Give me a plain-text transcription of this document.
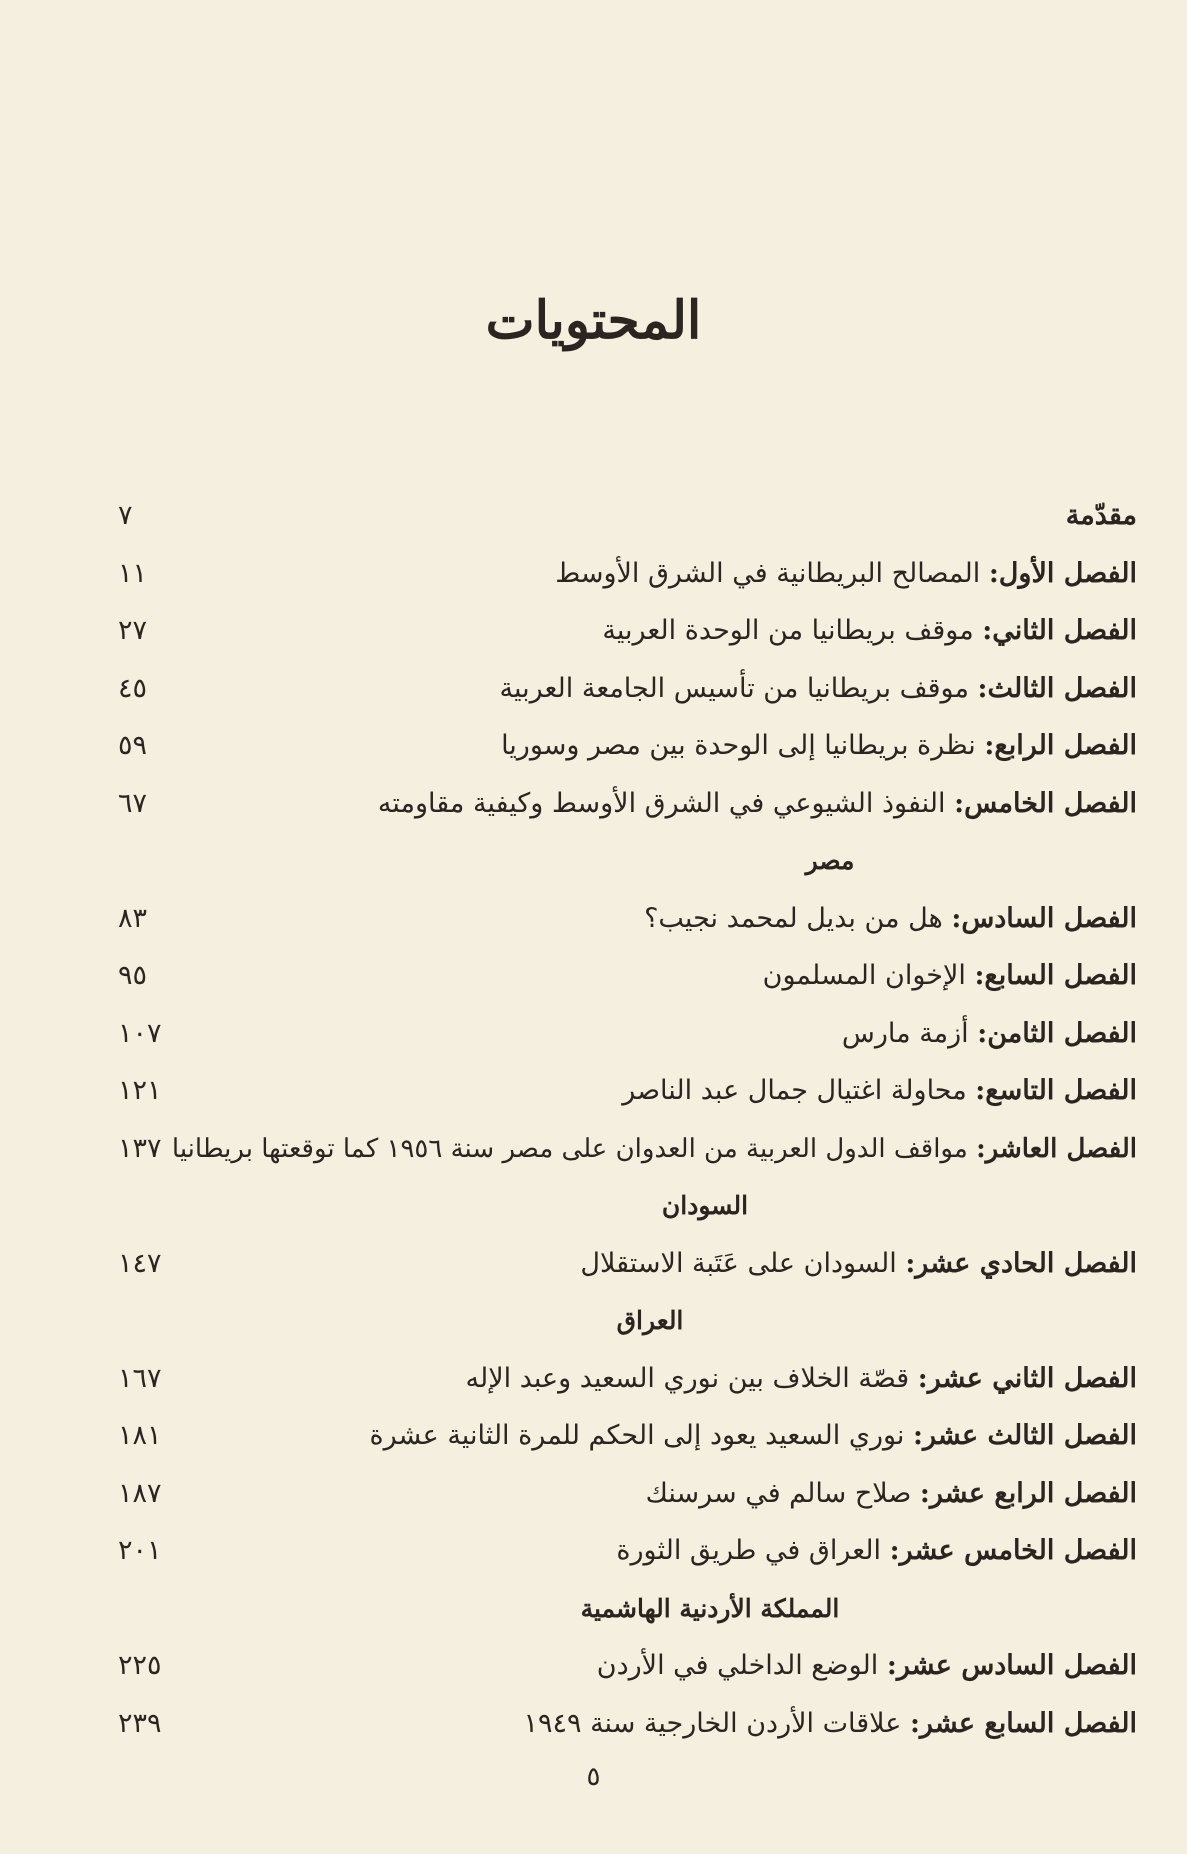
المحتويات
مقدّمة
٧
الفصل الأول: المصالح البريطانية في الشرق الأوسط
١١
الفصل الثاني: موقف بريطانيا من الوحدة العربية
٢٧
الفصل الثالث: موقف بريطانيا من تأسيس الجامعة العربية
٤٥
الفصل الرابع: نظرة بريطانيا إلى الوحدة بين مصر وسوريا
٥٩
الفصل الخامس: النفوذ الشيوعي في الشرق الأوسط وكيفية مقاومته
٦٧
مصر
الفصل السادس: هل من بديل لمحمد نجيب؟
٨٣
الفصل السابع: الإخوان المسلمون
٩٥
الفصل الثامن: أزمة مارس
١٠٧
الفصل التاسع: محاولة اغتيال جمال عبد الناصر
١٢١
الفصل العاشر: مواقف الدول العربية من العدوان على مصر سنة ١٩٥٦ كما توقعتها بريطانيا
١٣٧
السودان
الفصل الحادي عشر: السودان على عَتَبة الاستقلال
١٤٧
العراق
الفصل الثاني عشر: قصّة الخلاف بين نوري السعيد وعبد الإله
١٦٧
الفصل الثالث عشر: نوري السعيد يعود إلى الحكم للمرة الثانية عشرة
١٨١
الفصل الرابع عشر: صلاح سالم في سرسنك
١٨٧
الفصل الخامس عشر: العراق في طريق الثورة
٢٠١
المملكة الأردنية الهاشمية
الفصل السادس عشر: الوضع الداخلي في الأردن
٢٢٥
الفصل السابع عشر: علاقات الأردن الخارجية سنة ١٩٤٩
٢٣٩
٥
